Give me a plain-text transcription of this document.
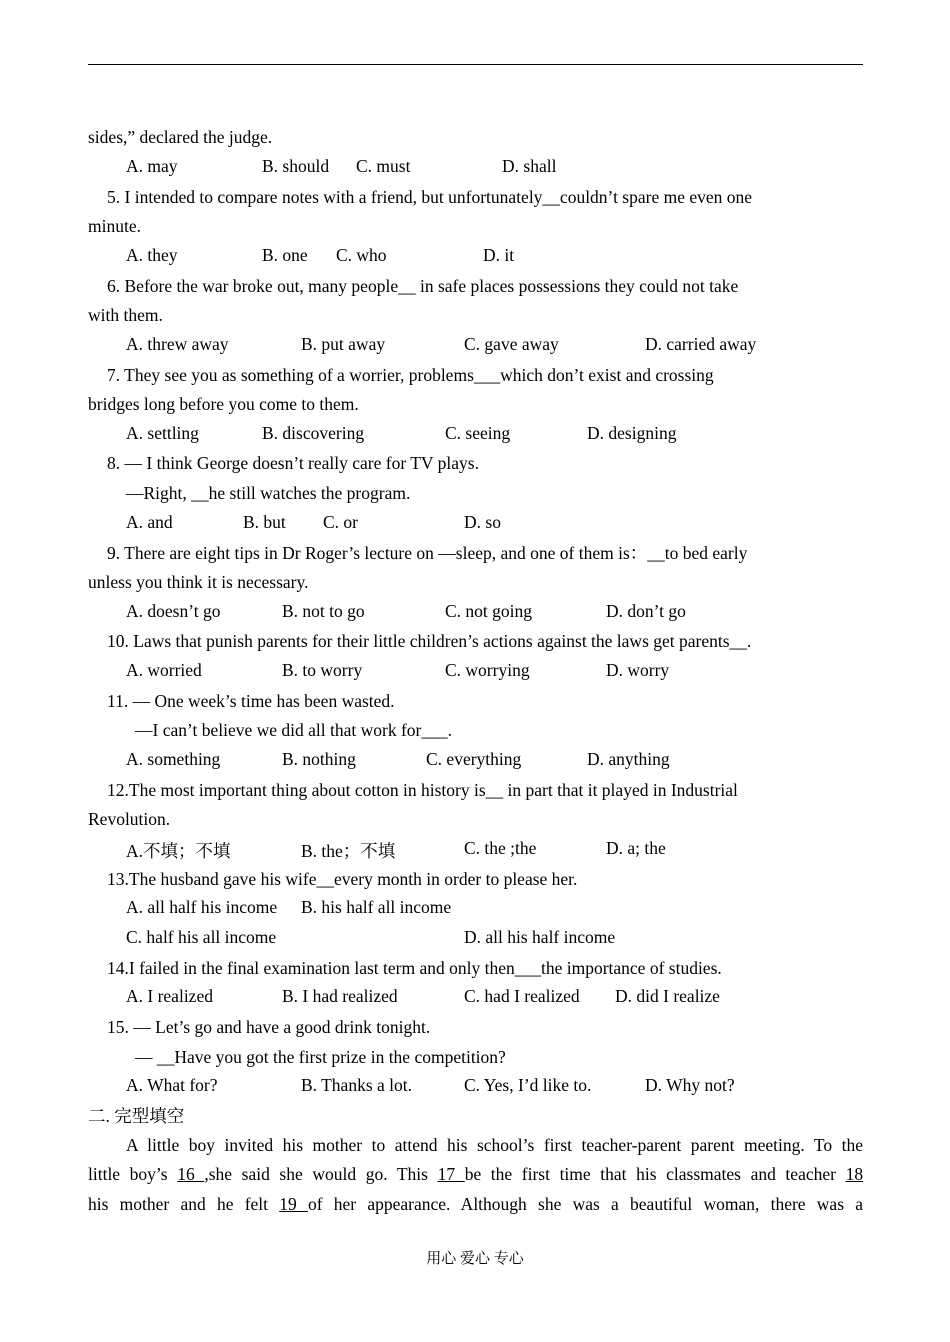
sides,” declared the judge.
A. may	B. should C. must	D. shall
5. I intended to compare notes with a friend, but unfortunately__couldn’t spare me even one
minute.
A. they	B. one C. who	D. it
6. Before the war broke out, many people__ in safe places possessions they could not take
with them.
A. threw away	B. put away	C. gave away	D. carried away
7. They see you as something of a worrier, problems___which don’t exist and crossing
bridges long before you come to them.
A. settling	B. discovering	C. seeing	D. designing
8. — I think George doesn’t really care for TV plays.
—Right, __he still watches the program.
A. and	B. but C. or	D. so
9. There are eight tips in Dr Roger’s lecture on —sleep, and one of them is：__to bed early
unless you think it is necessary.
A. doesn’t go	B. not to go	C. not going	D. don’t go
10. Laws that punish parents for their little children’s actions against the laws get parents__.
A. worried	B. to worry	C. worrying	D. worry
11. — One week’s time has been wasted.
—I can’t believe we did all that work for___.
A. something	B. nothing	C. everything	D. anything
12.The most important thing about cotton in history is__ in part that it played in Industrial
Revolution.
A.不填；不填	B. the；不填	C. the ;the	D. a; the
13.The husband gave his wife__every month in order to please her.
A. all half his income B. his half all income
C. half his all income	D. all his half income
14.I failed in the final examination last term and only then___the importance of studies.
A. I realized	B. I had realized	C. had I realized D. did I realize
15. — Let’s go and have a good drink tonight.
— __Have you got the first prize in the competition?
A. What for?	B. Thanks a lot.	C. Yes, I’d like to.	D. Why not?
二. 完型填空
A little boy invited his mother to attend his school’s first teacher-parent parent meeting. To the
little boy’s 16 ,she said she would go. This 17 be the first time that his classmates and teacher 18
his mother and he felt 19 of her appearance. Although she was a beautiful woman, there was a
用心 爱心 专心
